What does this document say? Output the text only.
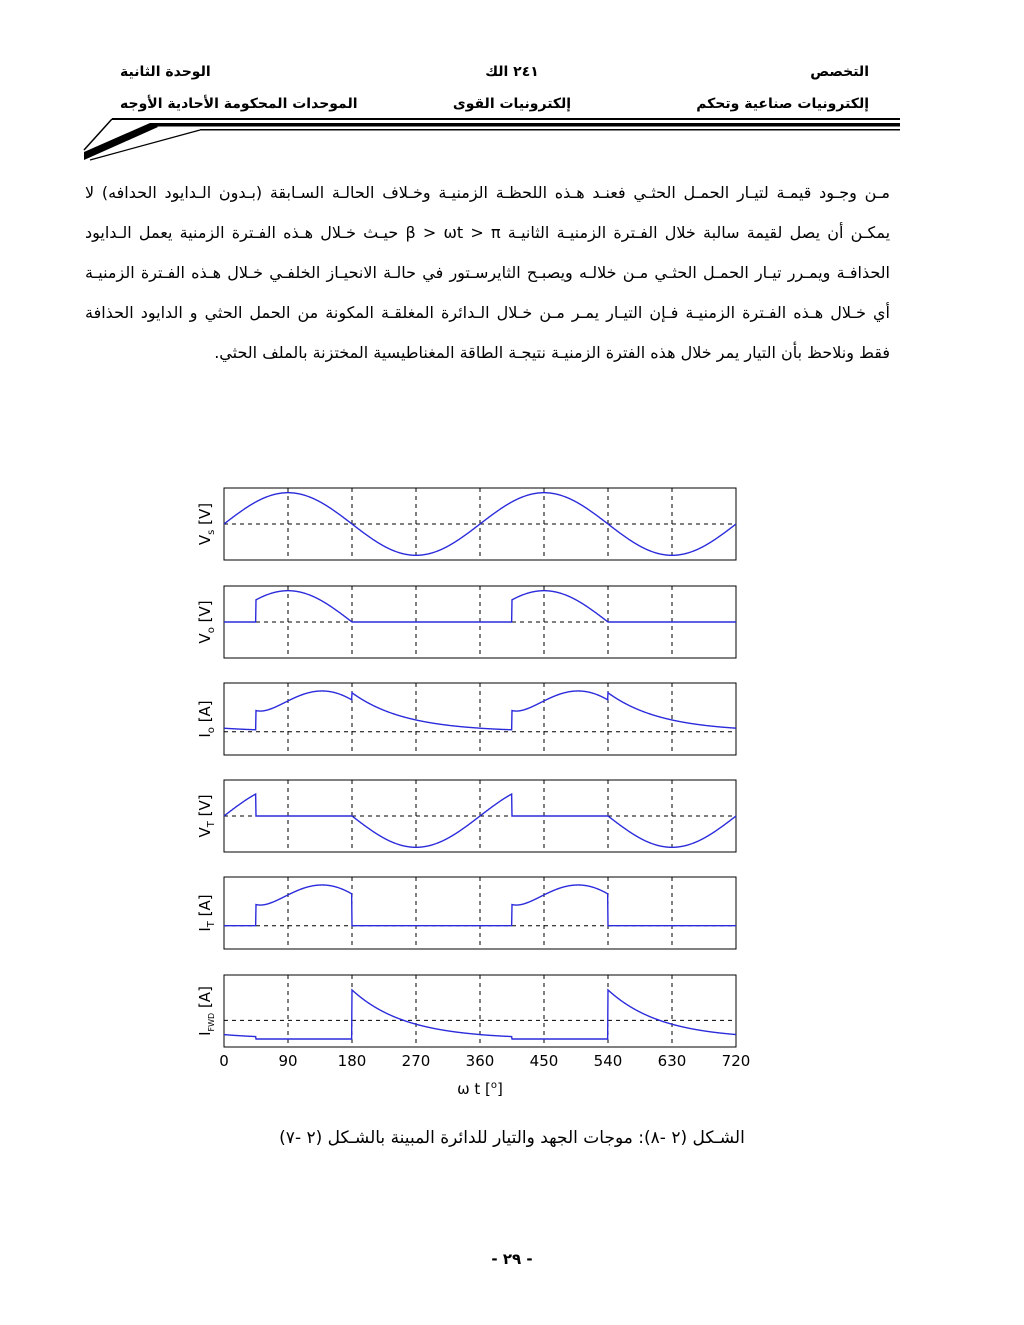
التخصص
إلكترونيات صناعية وتحكم
٢٤١ الك
إلكترونيات القوى
الوحدة الثانية
الموحدات المحكومة الأحادية الأوجه

مـن وجـود قيمـة لتيـار الحمـل الحثـي فعنـد هـذه اللحظـة الزمنيـة وخـلاف الحالـة السـابقة (بـدون الـدايود الحدافه) لا يمكـن أن يصل لقيمة سالبة خلال الفـترة الزمنيـة الثانيـة β > ωt > π حيـث خـلال هـذه الفـترة الزمنية يعمل الـدايود الحذافـة ويمـرر تيـار الحمـل الحثـي مـن خلالـه ويصبـح الثايرسـتور في حالـة الانحيـاز الخلفـي خـلال هـذه الفـترة الزمنيـة أي خـلال هـذه الفـترة الزمنيـة فـإن التيـار يمـر مـن خـلال الـدائرة المغلقـة المكونة من الحمل الحثي و الدايود الحذافة فقط ونلاحظ بأن التيار يمر خلال هذه الفترة الزمنيـة نتيجـة الطاقة المغناطيسية المختزنة بالملف الحثي.

$V_s$ [V]
$V_o$ [V]
$I_o$ [A]
$V_T$ [V]
$I_T$ [A]
$I_{FWD}$ [A]
0	90	180 270 360 450 540 630 720
ω t [$^o$]
الشـكل (٢ -٨): موجات الجهد والتيار للدائرة المبينة بالشـكل (٢ -٧)
- ٢٩ -
